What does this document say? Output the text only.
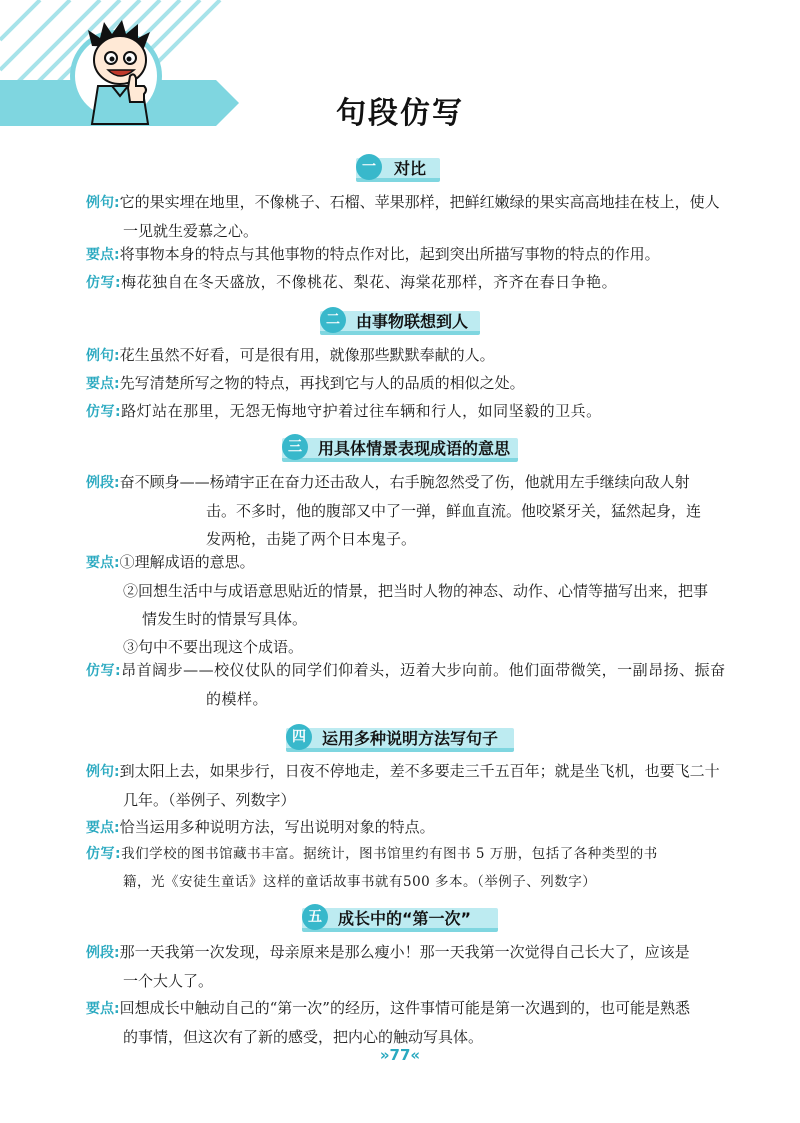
句段仿写
一	对比
例句:它的果实埋在地里，不像桃子、石榴、苹果那样，把鲜红嫩绿的果实高高地挂在枝上，使人
一见就生爱慕之心。
要点:将事物本身的特点与其他事物的特点作对比，起到突出所描写事物的特点的作用。
仿写:梅花独自在冬天盛放，不像桃花、梨花、海棠花那样，齐齐在春日争艳。
二	由事物联想到人
例句:花生虽然不好看，可是很有用，就像那些默默奉献的人。
要点:先写清楚所写之物的特点，再找到它与人的品质的相似之处。
仿写:路灯站在那里，无怨无悔地守护着过往车辆和行人，如同坚毅的卫兵。
三	用具体情景表现成语的意思
例段:奋不顾身——杨靖宇正在奋力还击敌人，右手腕忽然受了伤，他就用左手继续向敌人射
击。不多时，他的腹部又中了一弹，鲜血直流。他咬紧牙关，猛然起身，连
发两枪，击毙了两个日本鬼子。
要点:①理解成语的意思。
②回想生活中与成语意思贴近的情景，把当时人物的神态、动作、心情等描写出来，把事
情发生时的情景写具体。
③句中不要出现这个成语。
仿写:昂首阔步——校仪仗队的同学们仰着头，迈着大步向前。他们面带微笑，一副昂扬、振奋
的模样。
四	运用多种说明方法写句子
例句:到太阳上去，如果步行，日夜不停地走，差不多要走三千五百年；就是坐飞机，也要飞二十
几年。（举例子、列数字）
要点:恰当运用多种说明方法，写出说明对象的特点。
仿写:我们学校的图书馆藏书丰富。据统计，图书馆里约有图书 5 万册，包括了各种类型的书
籍，光《安徒生童话》这样的童话故事书就有500 多本。（举例子、列数字）
五	成长中的“第一次”
例段:那一天我第一次发现，母亲原来是那么瘦小！那一天我第一次觉得自己长大了，应该是
一个大人了。
要点:回想成长中触动自己的“第一次”的经历，这件事情可能是第一次遇到的，也可能是熟悉
的事情，但这次有了新的感受，把内心的触动写具体。
»77«
